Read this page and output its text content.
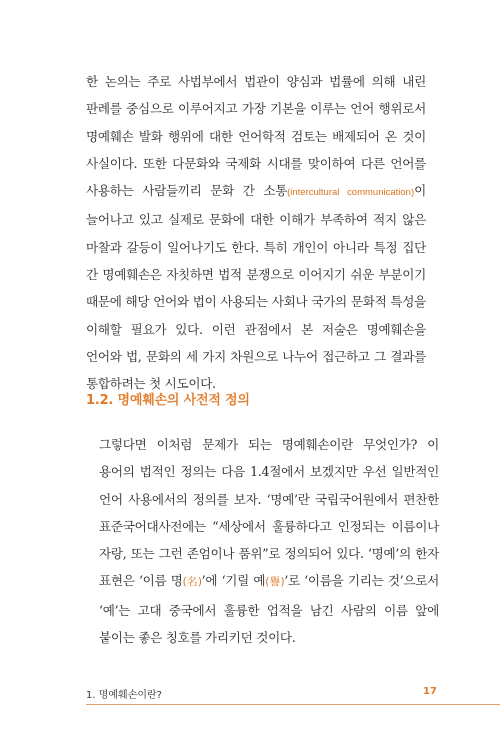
한 논의는 주로 사법부에서 법관이 양심과 법률에 의해 내린 판례를 중심으로 이루어지고 가장 기본을 이루는 언어 행위로서 명예훼손 발화 행위에 대한 언어학적 검토는 배제되어 온 것이 사실이다. 또한 다문화와 국제화 시대를 맞이하여 다른 언어를 사용하는 사람들끼리 문화 간 소통(intercultural communication)이 늘어나고 있고 실제로 문화에 대한 이해가 부족하여 적지 않은 마찰과 갈등이 일어나기도 한다. 특히 개인이 아니라 특정 집단 간 명예훼손은 자칫하면 법적 분쟁으로 이어지기 쉬운 부분이기 때문에 해당 언어와 법이 사용되는 사회나 국가의 문화적 특성을 이해할 필요가 있다. 이런 관점에서 본 저술은 명예훼손을 언어와 법, 문화의 세 가지 차원으로 나누어 접근하고 그 결과를 통합하려는 첫 시도이다.

1.2. 명예훼손의 사전적 정의

그렇다면 이처럼 문제가 되는 명예훼손이란 무엇인가? 이 용어의 법적인 정의는 다음 1.4절에서 보겠지만 우선 일반적인 언어 사용에서의 정의를 보자. ‘명예’란 국립국어원에서 편찬한 표준국어대사전에는 “세상에서 훌륭하다고 인정되는 이름이나 자랑, 또는 그런 존엄이나 품위”로 정의되어 있다. ‘명예’의 한자 표현은 ‘이름 명(名)’에 ‘기릴 예(譽)’로 ‘이름을 기리는 것’으로서 ‘예’는 고대 중국에서 훌륭한 업적을 남긴 사람의 이름 앞에 붙이는 좋은 칭호를 가리키던 것이다.

1. 명예훼손이란?	17
